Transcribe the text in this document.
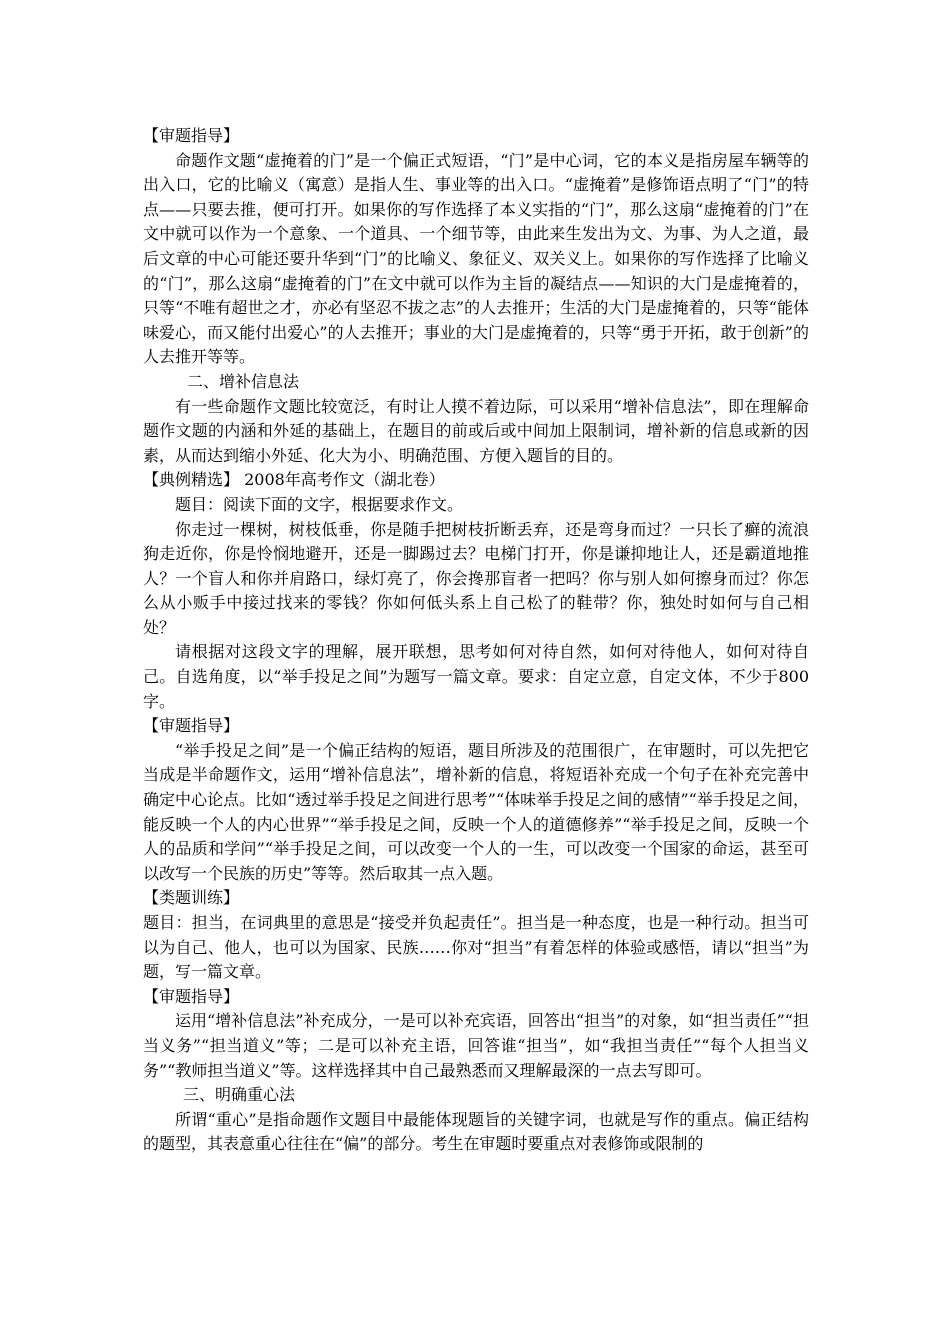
【审题指导】

命题作文题“虚掩着的门”是一个偏正式短语，“门”是中心词，它的本义是指房屋车辆等的出入口，它的比喻义（寓意）是指人生、事业等的出入口。“虚掩着”是修饰语点明了“门”的特点——只要去推，便可打开。如果你的写作选择了本义实指的“门”，那么这扇“虚掩着的门”在文中就可以作为一个意象、一个道具、一个细节等，由此来生发出为文、为事、为人之道，最后文章的中心可能还要升华到“门”的比喻义、象征义、双关义上。如果你的写作选择了比喻义的“门”，那么这扇“虚掩着的门”在文中就可以作为主旨的凝结点——知识的大门是虚掩着的，只等“不唯有超世之才，亦必有坚忍不拔之志”的人去推开；生活的大门是虚掩着的，只等“能体味爱心，而又能付出爱心”的人去推开；事业的大门是虚掩着的，只等“勇于开拓，敢于创新”的人去推开等等。

二、增补信息法

有一些命题作文题比较宽泛，有时让人摸不着边际，可以采用“增补信息法”，即在理解命题作文题的内涵和外延的基础上，在题目的前或后或中间加上限制词，增补新的信息或新的因素，从而达到缩小外延、化大为小、明确范围、方便入题旨的目的。

【典例精选】 2008年高考作文（湖北卷）

题目：阅读下面的文字，根据要求作文。

你走过一棵树，树枝低垂，你是随手把树枝折断丢弃，还是弯身而过？一只长了癣的流浪狗走近你，你是怜悯地避开，还是一脚踢过去？电梯门打开，你是谦抑地让人，还是霸道地推人？一个盲人和你并肩路口，绿灯亮了，你会搀那盲者一把吗？你与别人如何擦身而过？你怎么从小贩手中接过找来的零钱？你如何低头系上自己松了的鞋带？你，独处时如何与自己相处？

请根据对这段文字的理解，展开联想，思考如何对待自然，如何对待他人，如何对待自己。自选角度，以“举手投足之间”为题写一篇文章。要求：自定立意，自定文体，不少于800字。

【审题指导】

“举手投足之间”是一个偏正结构的短语，题目所涉及的范围很广，在审题时，可以先把它当成是半命题作文，运用“增补信息法”，增补新的信息，将短语补充成一个句子在补充完善中确定中心论点。比如“透过举手投足之间进行思考”“体味举手投足之间的感情”“举手投足之间，能反映一个人的内心世界”“举手投足之间，反映一个人的道德修养”“举手投足之间，反映一个人的品质和学问”“举手投足之间，可以改变一个人的一生，可以改变一个国家的命运，甚至可以改写一个民族的历史”等等。然后取其一点入题。

【类题训练】

题目：担当，在词典里的意思是“接受并负起责任”。担当是一种态度，也是一种行动。担当可以为自己、他人，也可以为国家、民族……你对“担当”有着怎样的体验或感悟，请以“担当”为题，写一篇文章。

【审题指导】

运用“增补信息法”补充成分，一是可以补充宾语，回答出“担当”的对象，如“担当责任”“担当义务”“担当道义”等；二是可以补充主语，回答谁“担当”，如“我担当责任”“每个人担当义务”“教师担当道义”等。这样选择其中自己最熟悉而又理解最深的一点去写即可。

三、明确重心法

所谓“重心”是指命题作文题目中最能体现题旨的关键字词，也就是写作的重点。偏正结构的题型，其表意重心往往在“偏”的部分。考生在审题时要重点对表修饰或限制的
